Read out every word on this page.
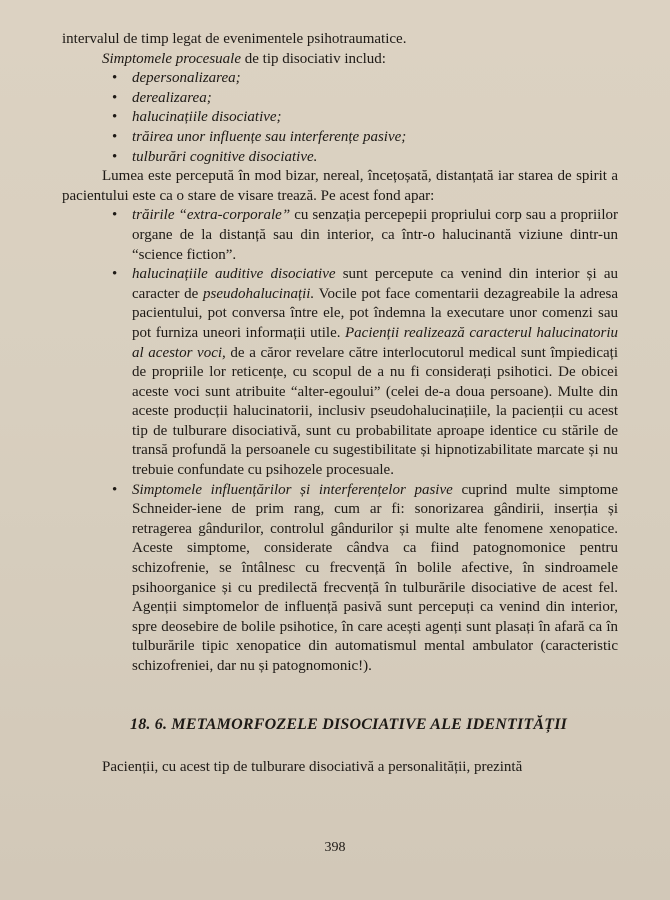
intervalul de timp legat de evenimentele psihotraumatice.

Simptomele procesuale de tip disociativ includ:

• depersonalizarea;
• derealizarea;
• halucinațiile disociative;
• trăirea unor influențe sau interferențe pasive;
• tulburări cognitive disociative.

Lumea este percepută în mod bizar, nereal, încețoșată, distanțată iar starea de spirit a pacientului este ca o stare de visare trează. Pe acest fond apar:

• trăirile “extra-corporale” cu senzația percepерii propriului corp sau a propriilor organe de la distanță sau din interior, ca într-o halucinantă viziune dintr-un “science fiction”.
• halucinațiile auditive disociative sunt percepute ca venind din interior și au caracter de pseudohalucinații. Vocile pot face comentarii dezagreabile la adresa pacientului, pot conversa între ele, pot îndemna la executare unor comenzi sau pot furniza uneori informații utile. Pacienții realizează caracterul halucinatoriu al acestor voci, de a căror revelare către interlocutorul medical sunt împiedicați de propriile lor reticențe, cu scopul de a nu fi considerați psihotici. De obicei aceste voci sunt atribuite “alter-egoului” (celei de-a doua persoane). Multe din aceste producții halucinatorii, inclusiv pseudohalucinațiile, la pacienții cu acest tip de tulburare disociativă, sunt cu probabilitate aproape identice cu stările de transă profundă la persoanele cu sugestibilitate și hipnotizabilitate marcate și nu trebuie confundate cu psihozele procesuale.
• Simptomele influențărilor și interferențelor pasive cuprind multe simptome Schneider-iene de prim rang, cum ar fi: sonorizarea gândirii, inserția și retragerea gândurilor, controlul gândurilor și multe alte fenomene xenopatice. Aceste simptome, considerate cândva ca fiind patognomonice pentru schizofrenie, se întâlnesc cu frecvență în bolile afective, în sindroamele psihoorganice și cu predilectă frecvență în tulburările disociative de acest fel. Agenții simptomelor de influență pasivă sunt percepuți ca venind din interior, spre deosebire de bolile psihotice, în care acești agenți sunt plasați în afară ca în tulburările tipic xenopatice din automatismul mental ambulator (caracteristic schizofreniei, dar nu și patognomonic!).

18. 6. METAMORFOZELE DISOCIATIVE ALE IDENTITĂȚII

Pacienții, cu acest tip de tulburare disociativă a personalității, prezintă

398
